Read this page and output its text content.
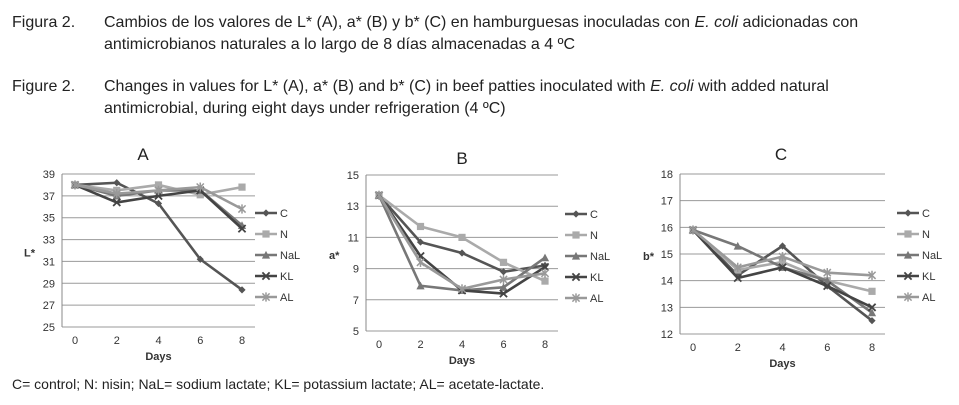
Figura 2. Cambios de los valores de L* (A), a* (B) y b* (C) en hamburguesas inoculadas con E. coli adicionadas con
antimicrobianos naturales a lo largo de 8 días almacenadas a 4 ºC
Figure 2. Changes in values for L* (A), a* (B) and b* (C) in beef patties inoculated with E. coli with added natural
antimicrobial, during eight days under refrigeration (4 ºC)
A
25
27
29
31
33
35
37
39
0	2	4	6	8
Days
L*
C
N
NaL
KL
AL
B
5
7
9
11
13
15
0	2	4	6	8
Days
a*
C
N
NaL
KL
AL
C
12
13
14
15
16
17
18
0	2	4	6	8
Days
b*
C
N
NaL
KL
AL
C= control; N: nisin; NaL= sodium lactate; KL= potassium lactate; AL= acetate-lactate.
